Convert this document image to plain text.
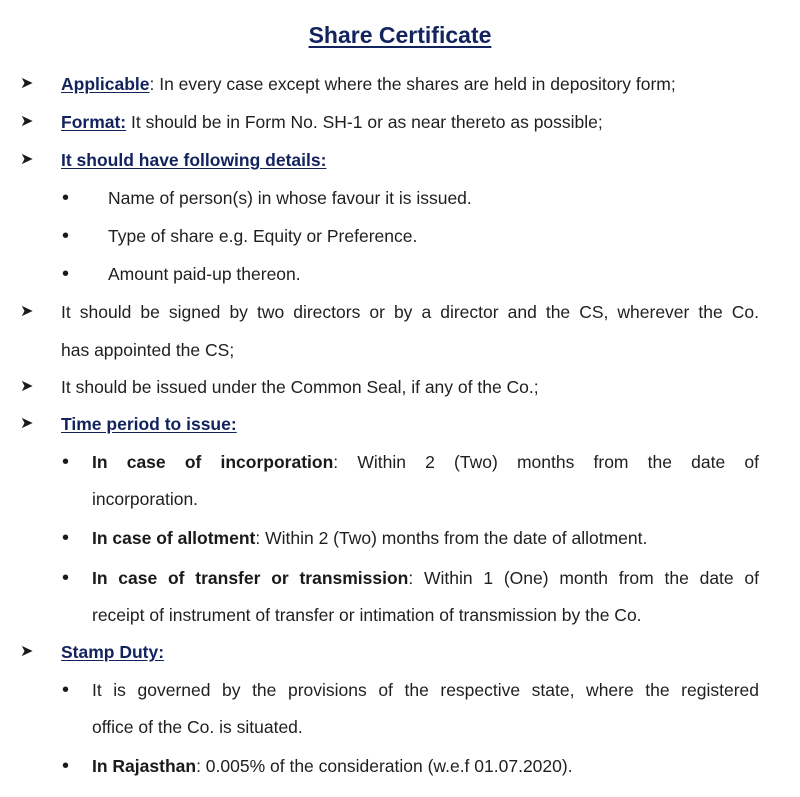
Share Certificate
➤ Applicable: In every case except where the shares are held in depository form;
➤ Format: It should be in Form No. SH-1 or as near thereto as possible;
➤ It should have following details:
• Name of person(s) in whose favour it is issued.
• Type of share e.g. Equity or Preference.
• Amount paid-up thereon.
➤ It should be signed by two directors or by a director and the CS, wherever the Co.
has appointed the CS;
➤ It should be issued under the Common Seal, if any of the Co.;
➤ Time period to issue:
• In case of incorporation: Within 2 (Two) months from the date of
incorporation.
• In case of allotment: Within 2 (Two) months from the date of allotment.
• In case of transfer or transmission: Within 1 (One) month from the date of
receipt of instrument of transfer or intimation of transmission by the Co.
➤ Stamp Duty:
• It is governed by the provisions of the respective state, where the registered
office of the Co. is situated.
• In Rajasthan: 0.005% of the consideration (w.e.f 01.07.2020).
